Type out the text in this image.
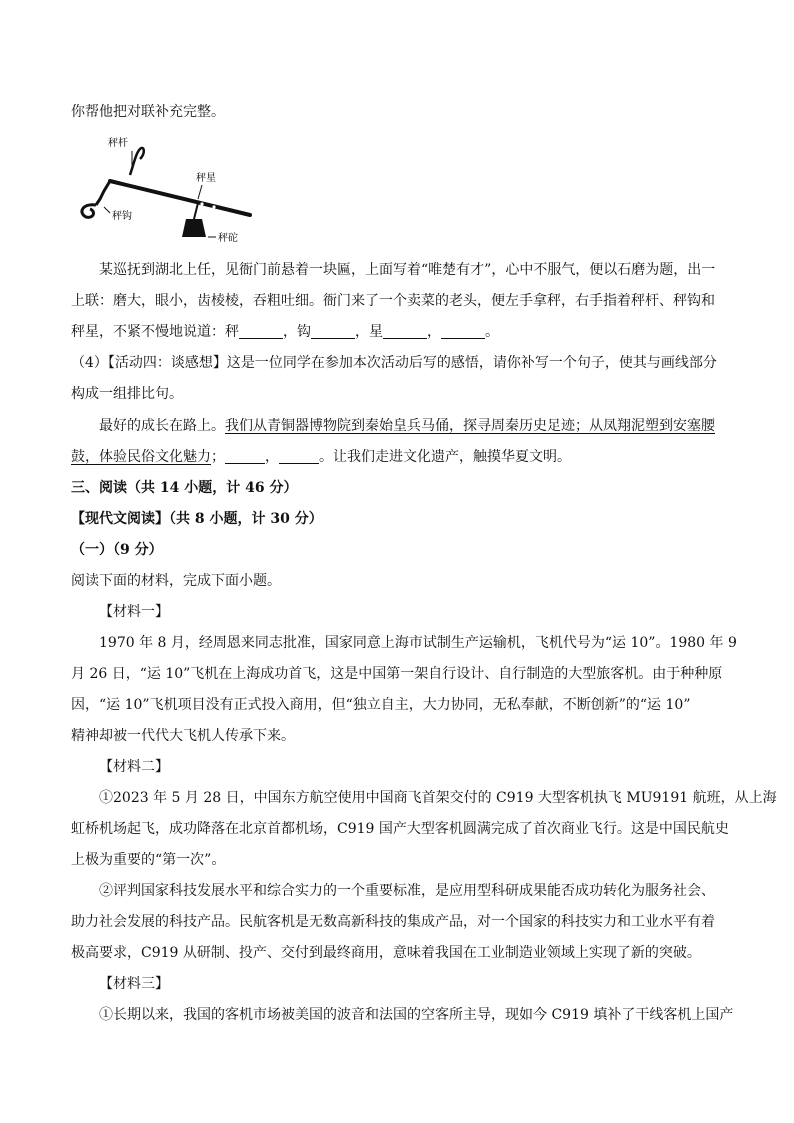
你帮他把对联补充完整。
秤杆
秤星
秤钩
秤砣
某巡抚到湖北上任，见衙门前悬着一块匾，上面写着“唯楚有才”，心中不服气，便以石磨为题，出一
上联：磨大，眼小，齿棱棱，吞粗吐细。衙门来了一个卖菜的老头，便左手拿秤，右手指着秤杆、秤钩和
秤星，不紧不慢地说道：秤	，钩	，星	，	。
（4）【活动四：谈感想】这是一位同学在参加本次活动后写的感悟，请你补写一个句子，使其与画线部分
构成一组排比句。
最好的成长在路上。我们从青铜器博物院到秦始皇兵马俑，探寻周秦历史足迹；从凤翔泥塑到安塞腰
鼓，体验民俗文化魅力；	，	。让我们走进文化遗产，触摸华夏文明。
三、阅读（共 14 小题，计 46 分）
【现代文阅读】（共 8 小题，计 30 分）
（一）（9 分）
阅读下面的材料，完成下面小题。
【材料一】
1970 年 8 月，经周恩来同志批准，国家同意上海市试制生产运输机，飞机代号为“运 10”。1980 年 9
月 26 日，“运 10”飞机在上海成功首飞，这是中国第一架自行设计、自行制造的大型旅客机。由于种种原
因，“运 10”飞机项目没有正式投入商用，但“独立自主，大力协同，无私奉献，不断创新”的“运 10”
精神却被一代代大飞机人传承下来。
【材料二】
①2023 年 5 月 28 日，中国东方航空使用中国商飞首架交付的 C919 大型客机执飞 MU9191 航班，从上海
虹桥机场起飞，成功降落在北京首都机场，C919 国产大型客机圆满完成了首次商业飞行。这是中国民航史
上极为重要的“第一次”。
②评判国家科技发展水平和综合实力的一个重要标准，是应用型科研成果能否成功转化为服务社会、
助力社会发展的科技产品。民航客机是无数高新科技的集成产品，对一个国家的科技实力和工业水平有着
极高要求，C919 从研制、投产、交付到最终商用，意味着我国在工业制造业领域上实现了新的突破。
【材料三】
①长期以来，我国的客机市场被美国的波音和法国的空客所主导，现如今 C919 填补了干线客机上国产
